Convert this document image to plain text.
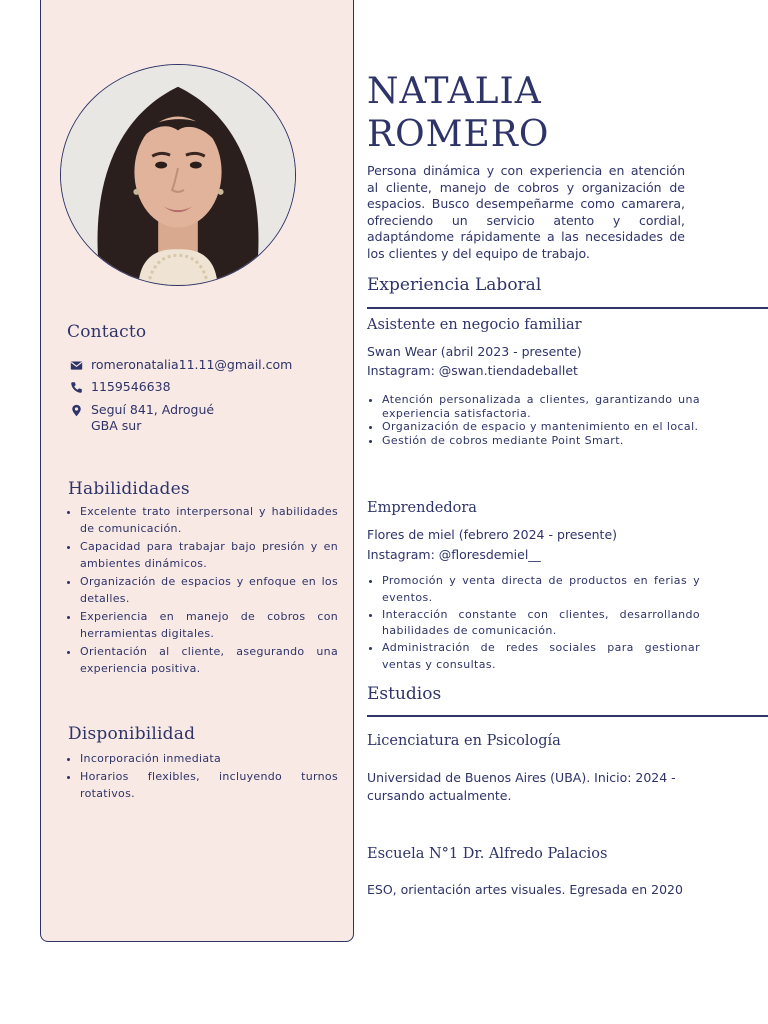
Contacto
romeronatalia11.11@gmail.com
1159546638
Seguí 841, Adrogué
GBA sur
Habilididades
• Excelente trato interpersonal y habilidades de comunicación.
• Capacidad para trabajar bajo presión y en ambientes dinámicos.
• Organización de espacios y enfoque en los detalles.
• Experiencia en manejo de cobros con herramientas digitales.
• Orientación al cliente, asegurando una experiencia positiva.
Disponibilidad
• Incorporación inmediata
• Horarios flexibles, incluyendo turnos rotativos.
NATALIA
ROMERO

Persona dinámica y con experiencia en atención al cliente, manejo de cobros y organización de espacios. Busco desempeñarme como camarera, ofreciendo un servicio atento y cordial, adaptándome rápidamente a las necesidades de los clientes y del equipo de trabajo.

Experiencia Laboral
Asistente en negocio familiar

Swan Wear (abril 2023 - presente)

Instagram: @swan.tiendadeballet

• Atención personalizada a clientes, garantizando una experiencia satisfactoria.
• Organización de espacio y mantenimiento en el local.
• Gestión de cobros mediante Point Smart.
Emprendedora

Flores de miel (febrero 2024 - presente)

Instagram: @floresdemiel__

• Promoción y venta directa de productos en ferias y eventos.
• Interacción constante con clientes, desarrollando habilidades de comunicación.
• Administración de redes sociales para gestionar ventas y consultas.
Estudios
Licenciatura en Psicología

Universidad de Buenos Aires (UBA). Inicio: 2024 - cursando actualmente.

Escuela N°1 Dr. Alfredo Palacios

ESO, orientación artes visuales. Egresada en 2020
